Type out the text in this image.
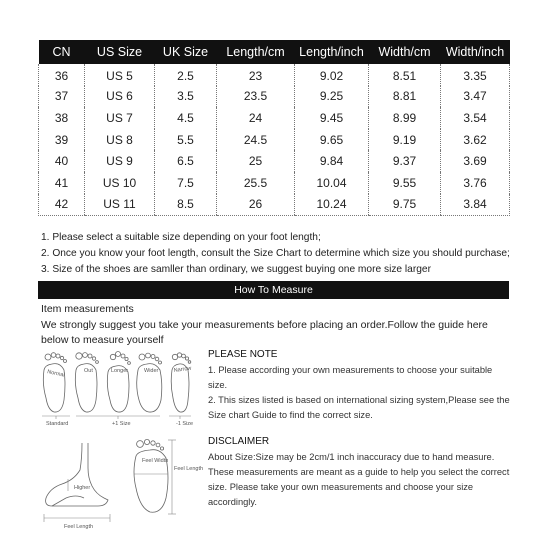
CN	US Size	UK Size	Length/cm	Length/inch	Width/cm	Width/inch
36	US 5	2.5	23	9.02	8.51	3.35
37	US 6	3.5	23.5	9.25	8.81	3.47
38	US 7	4.5	24	9.45	8.99	3.54
39	US 8	5.5	24.5	9.65	9.19	3.62
40	US 9	6.5	25	9.84	9.37	3.69
41	US 10	7.5	25.5	10.04	9.55	3.76
42	US 11	8.5	26	10.24	9.75	3.84

1. Please select a suitable size depending on your foot length;

2. Once you know your foot length, consult the Size Chart to determine which size you should purchase;

3. Size of the shoes are samller than ordinary, we suggest buying one more size larger

How To Measure
Item measurements
We strongly suggest you take your measurements before placing an order.Follow the guide here below to measure yourself
Normal	Out	Longer	Wider	Narrow
Standard	+1 Size	-1 Size
Higher
Feel Length
Feel Width
Feel Length
PLEASE NOTE

1. Please according your own measurements to choose your suitable size.

2. This sizes listed is based on international sizing system,Please see the Size chart Guide to find the correct size.

DISCLAIMER

About Size:Size may be 2cm/1 inch inaccuracy due to hand measure. These measurements are meant as a guide to help you select the correct size. Please take your own measurements and choose your size accordingly.
